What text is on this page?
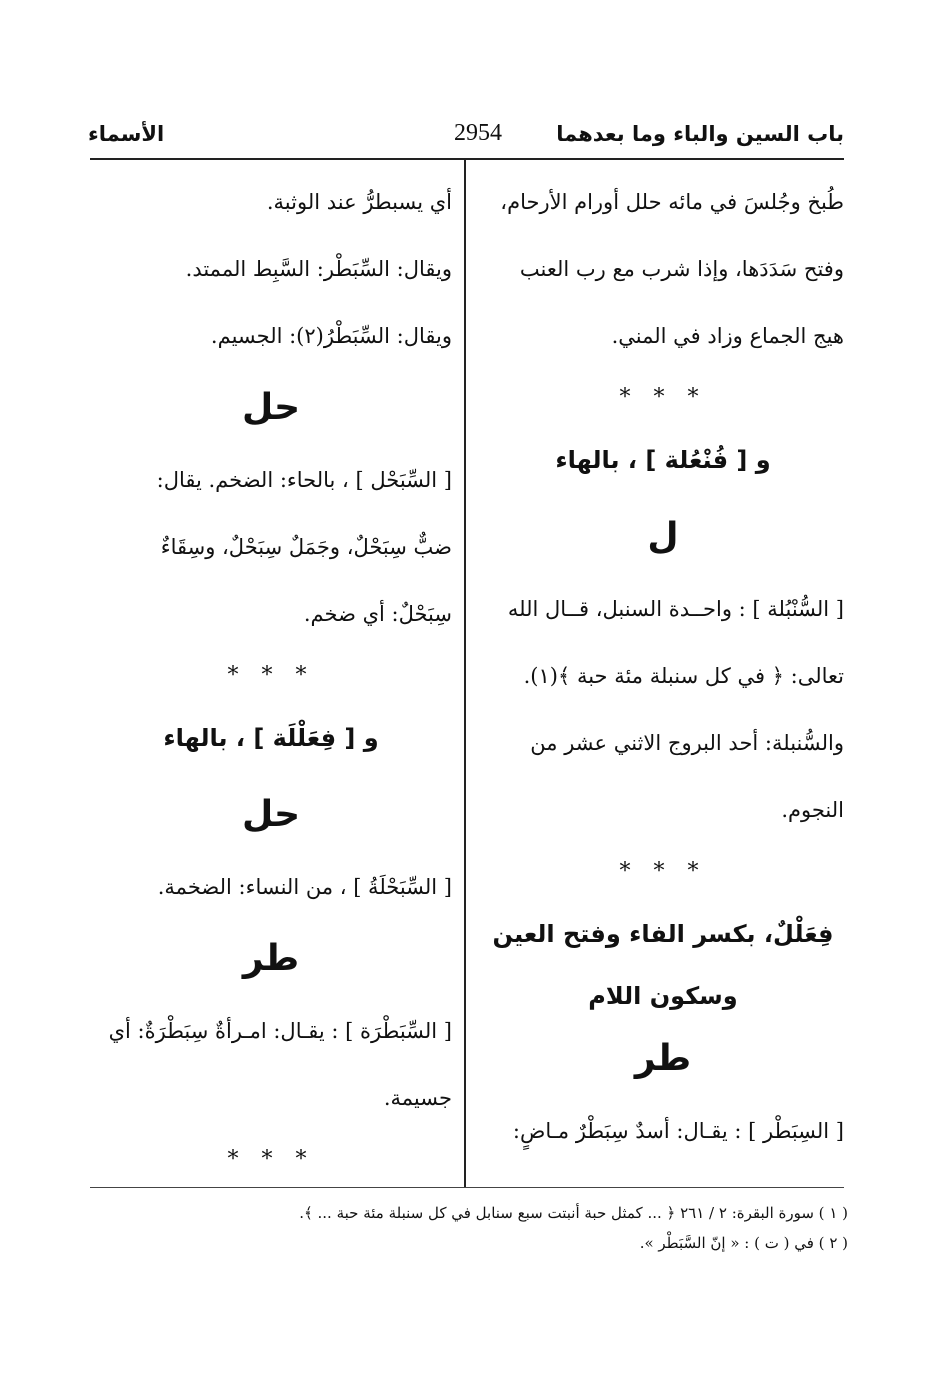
باب السين والباء وما بعدهما
2954
الأسماء
طُبخ وجُلسَ في مائه حلل أورام الأرحام،
وفتح سَدَدَها، وإذا شرب مع رب العنب
هيج الجماع وزاد في المني.
* * *
و [ فُنْعُلة ] ، بالهاء
ل
[ السُّنْبُلة ] : واحــدة السنبل، قــال الله
تعالى: ﴿ في كل سنبلة مئة حبة ﴾(١).
والسُّنبلة: أحد البروج الاثني عشر من
النجوم.
* * *
فِعَلْلٌ، بكسر الفاء وفتح العين
وسكون اللام
طر
[ السِبَطْر ] : يقـال: أسدٌ سِبَطْرٌ مـاضٍ:
أي يسبطرُّ عند الوثبة.
ويقال: السِّبَطْر: السَّبِط الممتد.
ويقال: السِّبَطْرُ(٢): الجسيم.
حل
[ السِّبَحْل ] ، بالحاء: الضخم. يقال:
ضبٌّ سِبَحْلٌ، وجَمَلٌ سِبَحْلٌ، وسِقَاءٌ
سِبَحْلٌ: أي ضخم.
* * *
و [ فِعَلْلَة ] ، بالهاء
حل
[ السِّبَحْلَةُ ] ، من النساء: الضخمة.
طر
[ السِّبَطْرَة ] : يقـال: امـرأةٌ سِبَطْرَةٌ: أي
جسيمة.
* * *
( ١ ) سورة البقرة: ٢ / ٢٦١ ﴿ ... كمثل حبة أنبتت سبع سنابل في كل سنبلة مئة حبة ... ﴾.
( ٢ ) في ( ت ) : « إنّ السَّبَطْر ».
